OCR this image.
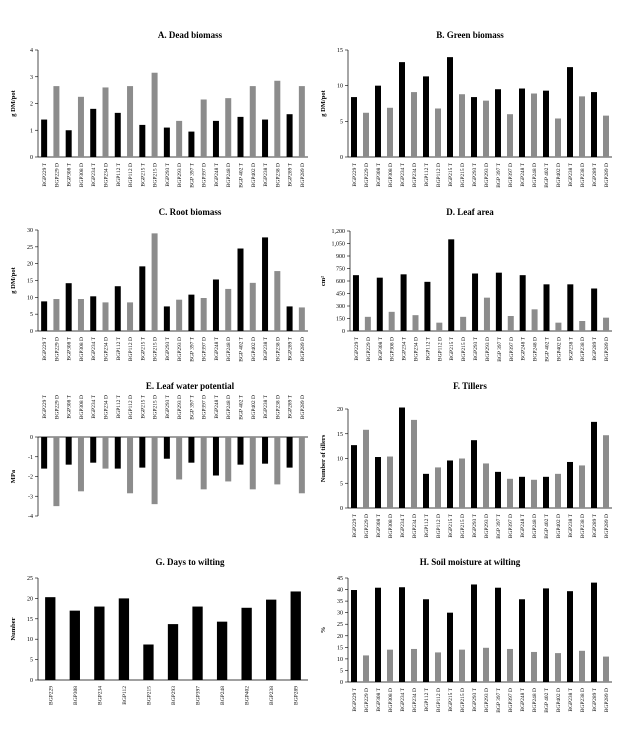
A. Dead biomass
g DM/pot
0
1
2
3
4
BGP229 T BGP229 D BGP308 T BGP308 D BGP234 T BGP234 D BGP112 T BGP112 D BGP215 T BGP215 D BGP293 T BGP293 D BGP 397 T BGP397 D BGP248 T BGP248 D BGP 402 T BGP402 D BGP238 T BGP238 D BGP289 T BGP289 D
B. Green biomass
g DM/pot
0
5
10
15
BGP229 T BGP229 D BGP308 T BGP308 D BGP234 T BGP234 D BGP112 T BGP112 D BGP215 T BGP215 D BGP293 T BGP293 D BGP 397 T BGP397 D BGP248 T BGP248 D BGP 402 T BGP402 D BGP238 T BGP238 D BGP289 T BGP289 D
C. Root biomass
g DM/pot
0
5
10
15
20
25
30
BGP229 T BGP229 D BGP308 T BGP308 D BGP234 T BGP234 D BGP112 T BGP112 D BGP215 T BGP215 D BGP293 T BGP293 D BGP 397 T BGP397 D BGP248 T BGP248 D BGP 402 T BGP402 D BGP238 T BGP238 D BGP289 T BGP289 D
D. Leaf area
cm²
0
150
300
450
600
750
900
1,050
1,200
BGP229 T BGP229 D BGP308 T BGP308 D BGP234 T BGP234 D BGP112 T BGP112 D BGP215 T BGP215 D BGP293 T BGP293 D BGP 397 T BGP397 D BGP248 T BGP248 D BGP 402 T BGP402 D BGP238 T BGP238 D BGP289 T BGP289 D
E. Leaf water potential
MPa
0
-1
-2
-3
-4
BGP229 T BGP229 D BGP308 T BGP308 D BGP234 T BGP234 D BGP112 T BGP112 D BGP215 T BGP215 D BGP293 T BGP293 D BGP 397 T BGP397 D BGP248 T BGP248 D BGP 402 T BGP402 D BGP238 T BGP238 D BGP289 T BGP289 D
F. Tillers
Number of tillers
0
5
10
15
20
BGP229 T BGP229 D BGP308 T BGP308 D BGP234 T BGP234 D BGP112 T BGP112 D BGP215 T BGP215 D BGP293 T BGP293 D BGP 397 T BGP397 D BGP248 T BGP248 D BGP 402 T BGP402 D BGP238 T BGP238 D BGP289 T BGP289 D
G. Days to wilting
Number
0
5
10
15
20
25
BGP229	BGP308	BGP234	BGP112	BGP215	BGP293	BGP397	BGP248	BGP402	BGP238	BGP289
H. Soil moisture at wilting
%
0
5
10
15
20
25
30
35
40
45
BGP229 T BGP229 D BGP308 T BGP308 D BGP234 T BGP234 D BGP112 T BGP112 D BGP215 T BGP215 D BGP293 T BGP293 D BGP 397 T BGP397 D BGP248 T BGP248 D BGP 402 T BGP402 D BGP238 T BGP238 D BGP289 T BGP289 D
